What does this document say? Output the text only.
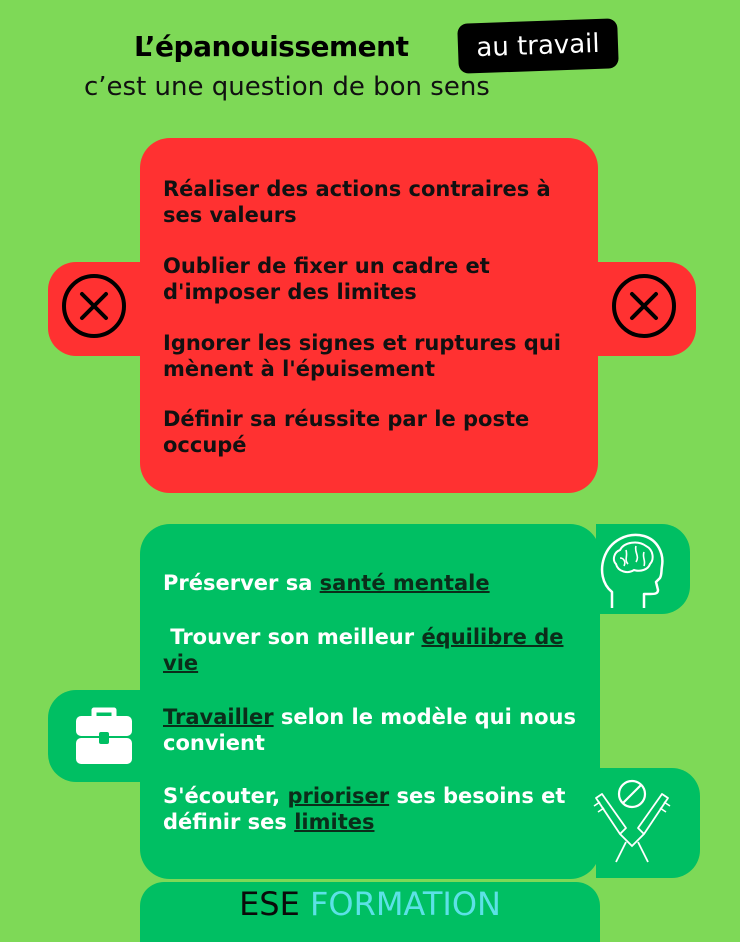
L’épanouissement	au travail
c’est une question de bon sens
Réaliser des actions contraires à ses valeurs
Oublier de fixer un cadre et d'imposer des limites
Ignorer les signes et ruptures qui mènent à l'épuisement
Définir sa réussite par le poste occupé
Préserver sa santé mentale
Trouver son meilleur équilibre de vie
Travailler selon le modèle qui nous convient
S'écouter, prioriser ses besoins et définir ses limites
ESE FORMATION
